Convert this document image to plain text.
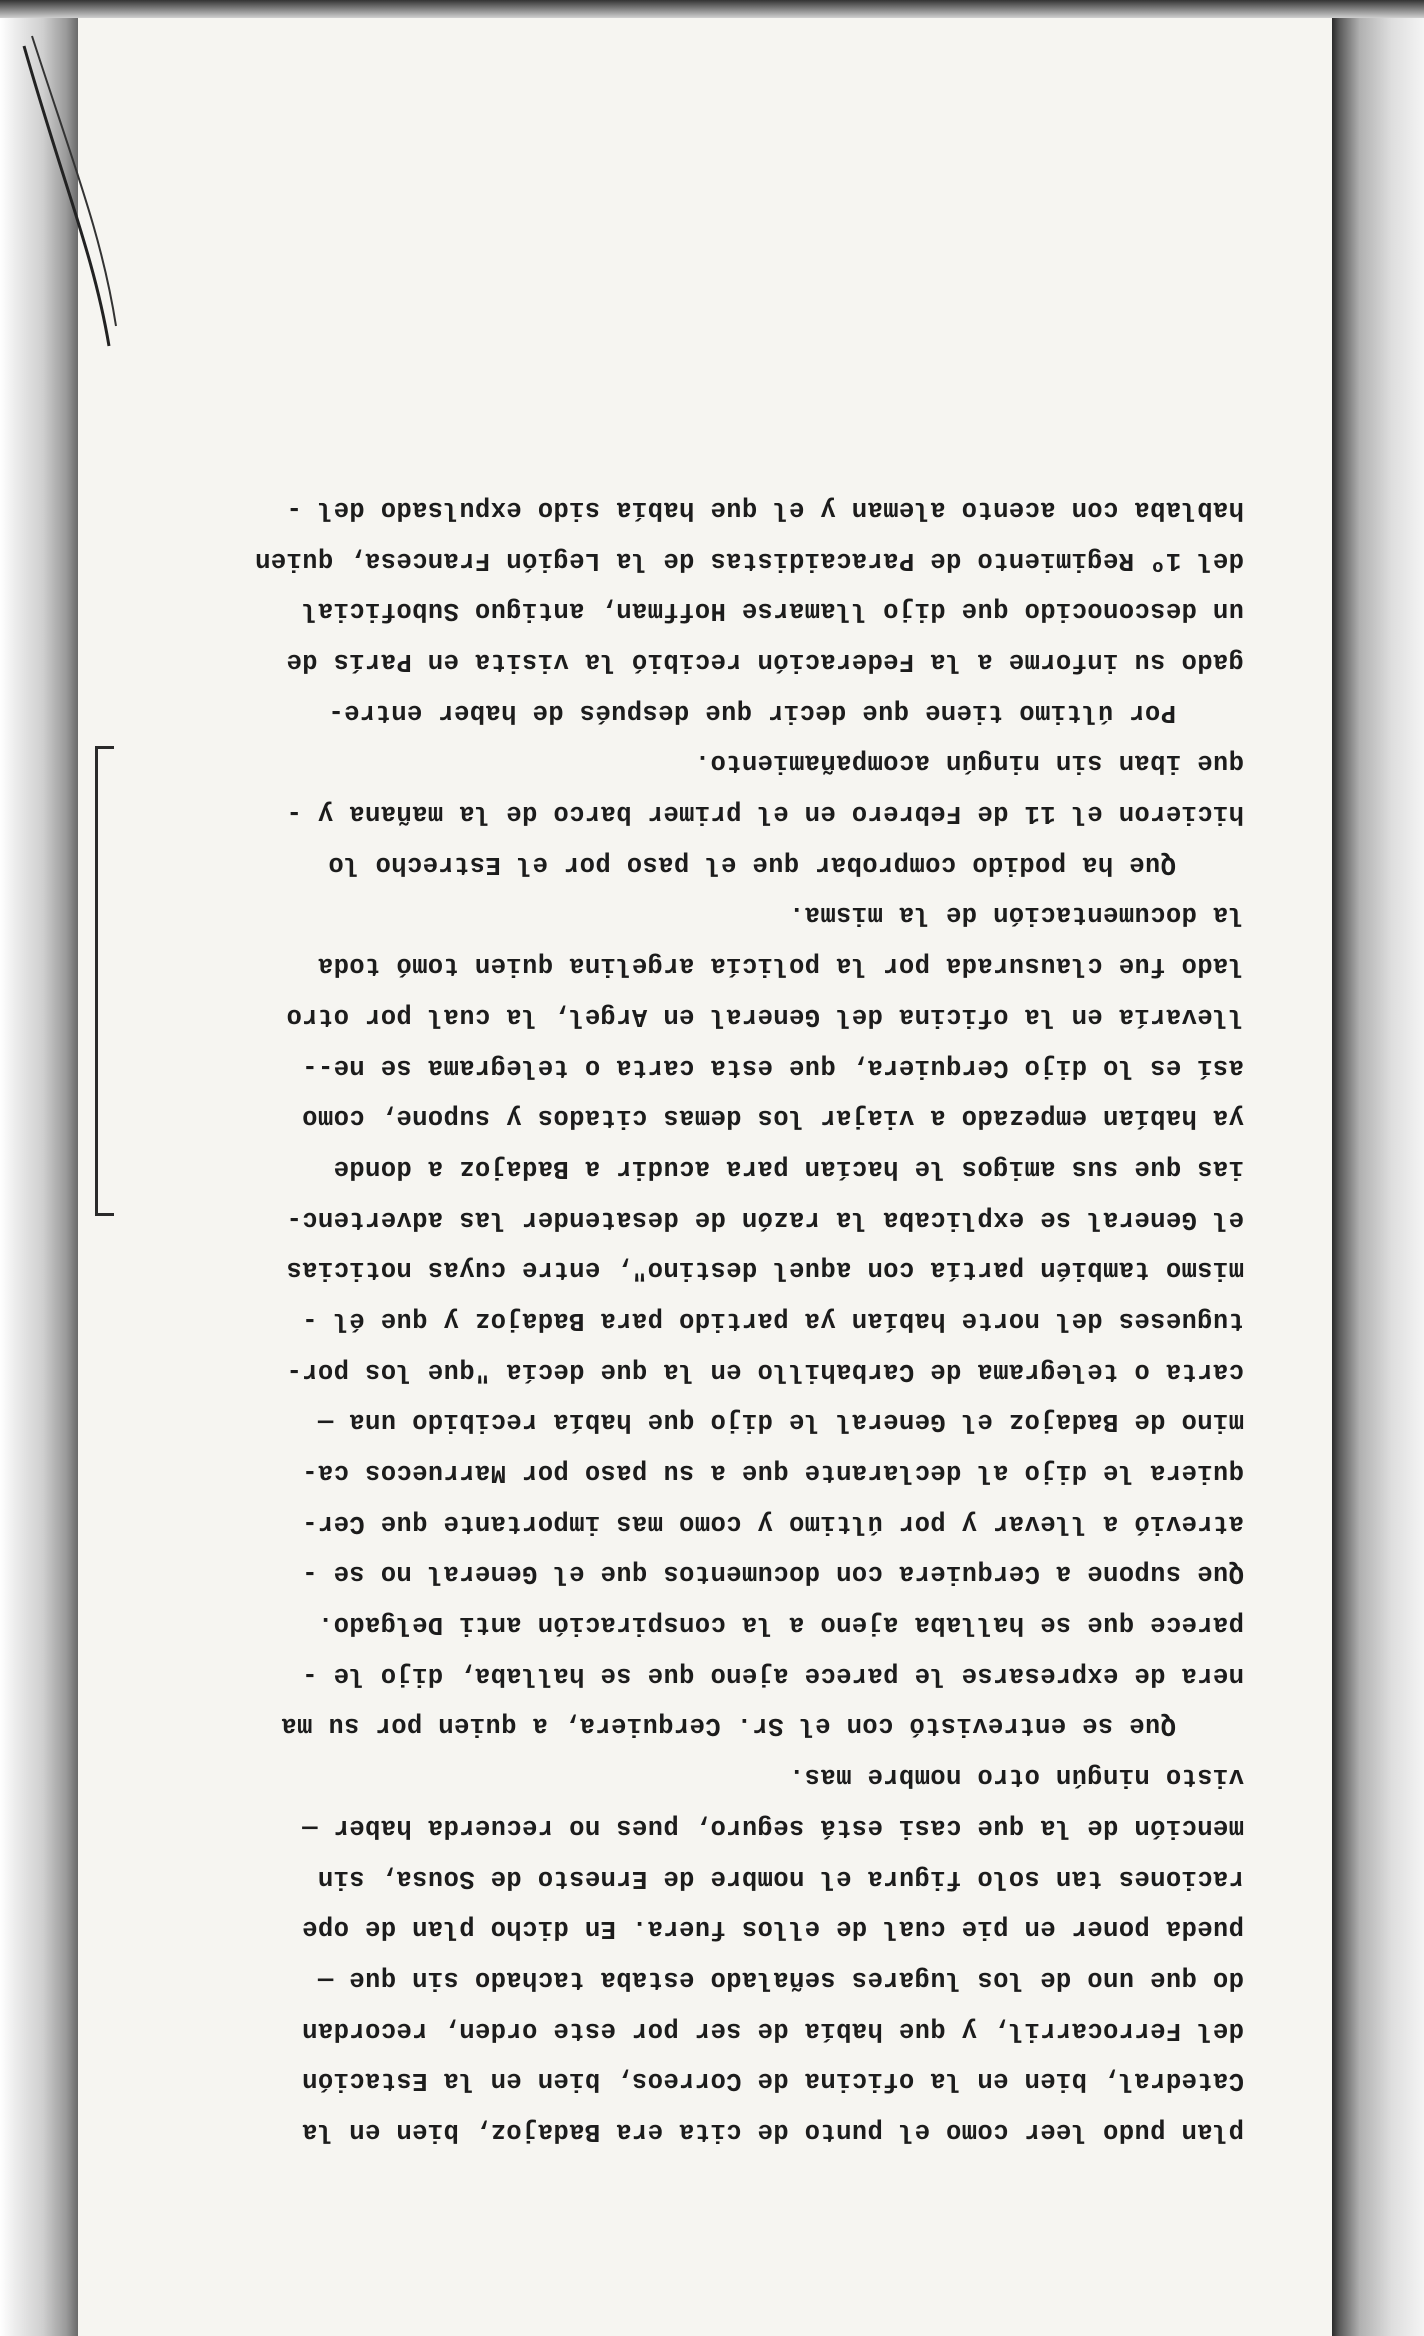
plan pudo leer como el punto de cita era Badajoz, bien en la
Catedral, bien en la oficina de Correos, bien en la Estación
del Ferrocarril, y que había de ser por este orden, recordan
do que uno de los lugares señalado estaba tachado sin que —
pueda poner en pie cual de ellos fuera. En dicho plan de ope
raciones tan solo figura el nombre de Ernesto de Sousa, sin
mención de la que casi está seguro, pues no recuerda haber —
visto ningún otro nombre mas.
Que se entrevistó con el Sr. Cerquiera, a quien por su ma
nera de expresarse le parece ajeno que se hallaba, dijo le -
parece que se hallaba ajeno a la conspiración anti Delgado.
Que supone a Cerquiera con documentos que el General no se -
atrevió a llevar y por último y como mas importante que Cer-
quiera le dijo al declarante que a su paso por Marruecos ca-
mino de Badajoz el General le dijo que había recibido una —
carta o telegrama de Carbahillo en la que decía "que los por-
tugueses del norte habían ya partido para Badajoz y que él -
mismo también partía con aquel destino", entre cuyas noticias
el General se explicaba la razón de desatender las advertenc-
ias que sus amigos le hacían para acudir a Badajoz a donde
ya habían empezado a viajar los demas citados y supone, como
así es lo dijo Cerquiera, que esta carta o telegrama se ne--
llevaría en la oficina del General en Argel, la cual por otro
lado fue clausurada por la policía argelina quien tomó toda
la documentación de la misma.
Que ha podido comprobar que el paso por el Estrecho lo
hicieron el 11 de Febrero en el primer barco de la mañana y -
que iban sin ningún acompañamiento.
Por último tiene que decir que después de haber entre-
gado su informe a la Federación recibió la visita en París de
un desconocido que dijo llamarse Hoffman, antiguo Suboficial
del 1º Regimiento de Paracaidistas de la Legión Francesa, quien
hablaba con acento aleman y el que había sido expulsado del -
